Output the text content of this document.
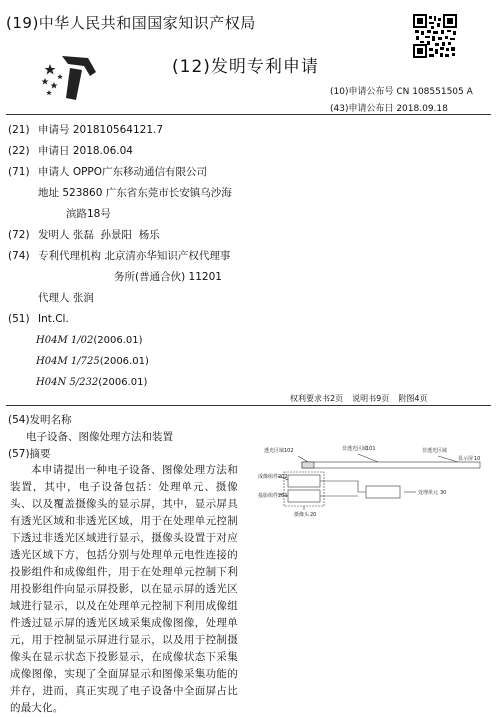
(19)中华人民共和国国家知识产权局
(12)发明专利申请
(10)申请公布号 CN 108551505 A
(43)申请公布日 2018.09.18
(21) 申请号 201810564121.7
(22) 申请日 2018.06.04
(71) 申请人 OPPO广东移动通信有限公司
地址 523860 广东省东莞市长安镇乌沙海
滨路18号
(72) 发明人 张磊  孙景阳  杨乐
(74) 专利代理机构 北京清亦华知识产权代理事
务所(普通合伙) 11201
代理人 张润
(51) Int.Cl.
H04M 1/02(2006.01)
H04M 1/725(2006.01)
H04N 5/232(2006.01)
权利要求书2页  说明书9页  附图4页
(54)发明名称
电子设备、图像处理方法和装置
(57)摘要
本申请提出一种电子设备、图像处理方法和装置，其中，电子设备包括：处理单元、摄像头、以及覆盖摄像头的显示屏，其中，显示屏具有透光区域和非透光区域，用于在处理单元控制下透过非透光区域进行显示，摄像头设置于对应透光区域下方，包括分别与处理单元电性连接的投影组件和成像组件，用于在处理单元控制下利用投影组件向显示屏投影，以在显示屏的透光区域进行显示，以及在处理单元控制下利用成像组件透过显示屏的透光区域采集成像图像，处理单元，用于控制显示屏进行显示，以及用于控制摄像头在显示状态下投影显示，在成像状态下采集成像图像，实现了全面屏显示和图像采集功能的并存，进而，真正实现了电子设备中全面屏占比的最大化。
透光区域 102	非透光区域
101	非透光区域
显示屏 10
成像组件 202
投影组件 201
摄像头 20
处理单元 30
